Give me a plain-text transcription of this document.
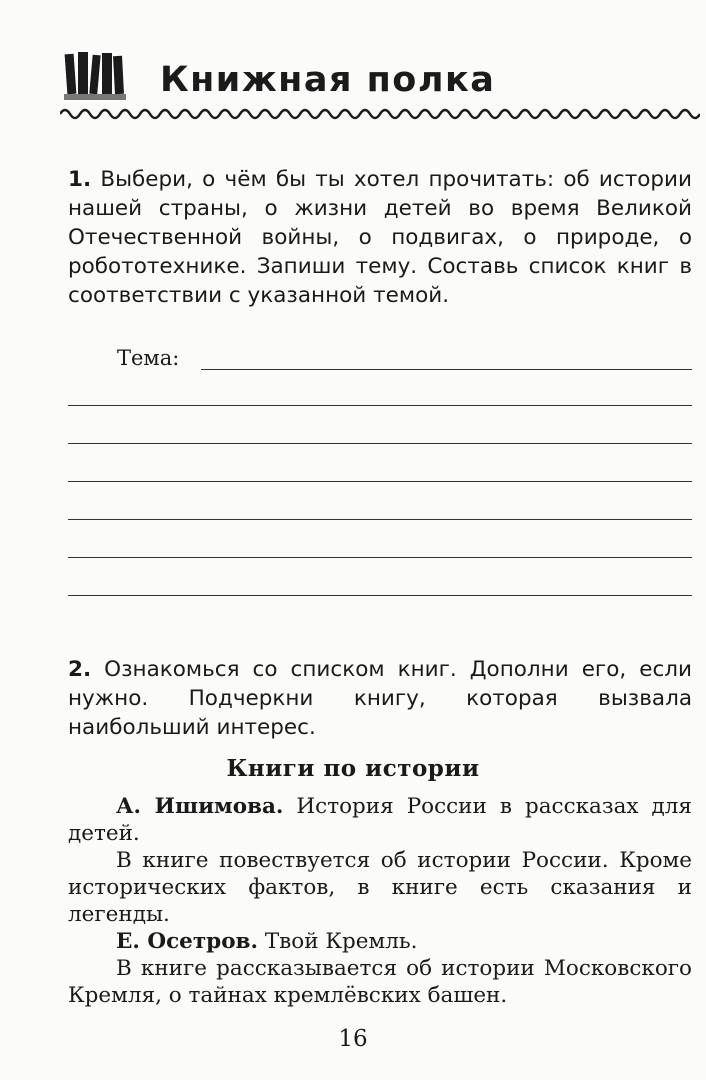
Книжная полка
1. Выбери, о чём бы ты хотел прочитать: об истории нашей страны, о жизни детей во время Великой Отечественной войны, о подвигах, о природе, о робототехнике. Запиши тему. Составь список книг в соответствии с указанной темой.
Тема:
2. Ознакомься со списком книг. Дополни его, если нужно. Подчеркни книгу, которая вызвала наибольший интерес.
Книги по истории

А. Ишимова. История России в рассказах для детей.

В книге повествуется об истории России. Кроме исторических фактов, в книге есть сказания и легенды.

Е. Осетров. Твой Кремль.

В книге рассказывается об истории Московского Кремля, о тайнах кремлёвских башен.

16
